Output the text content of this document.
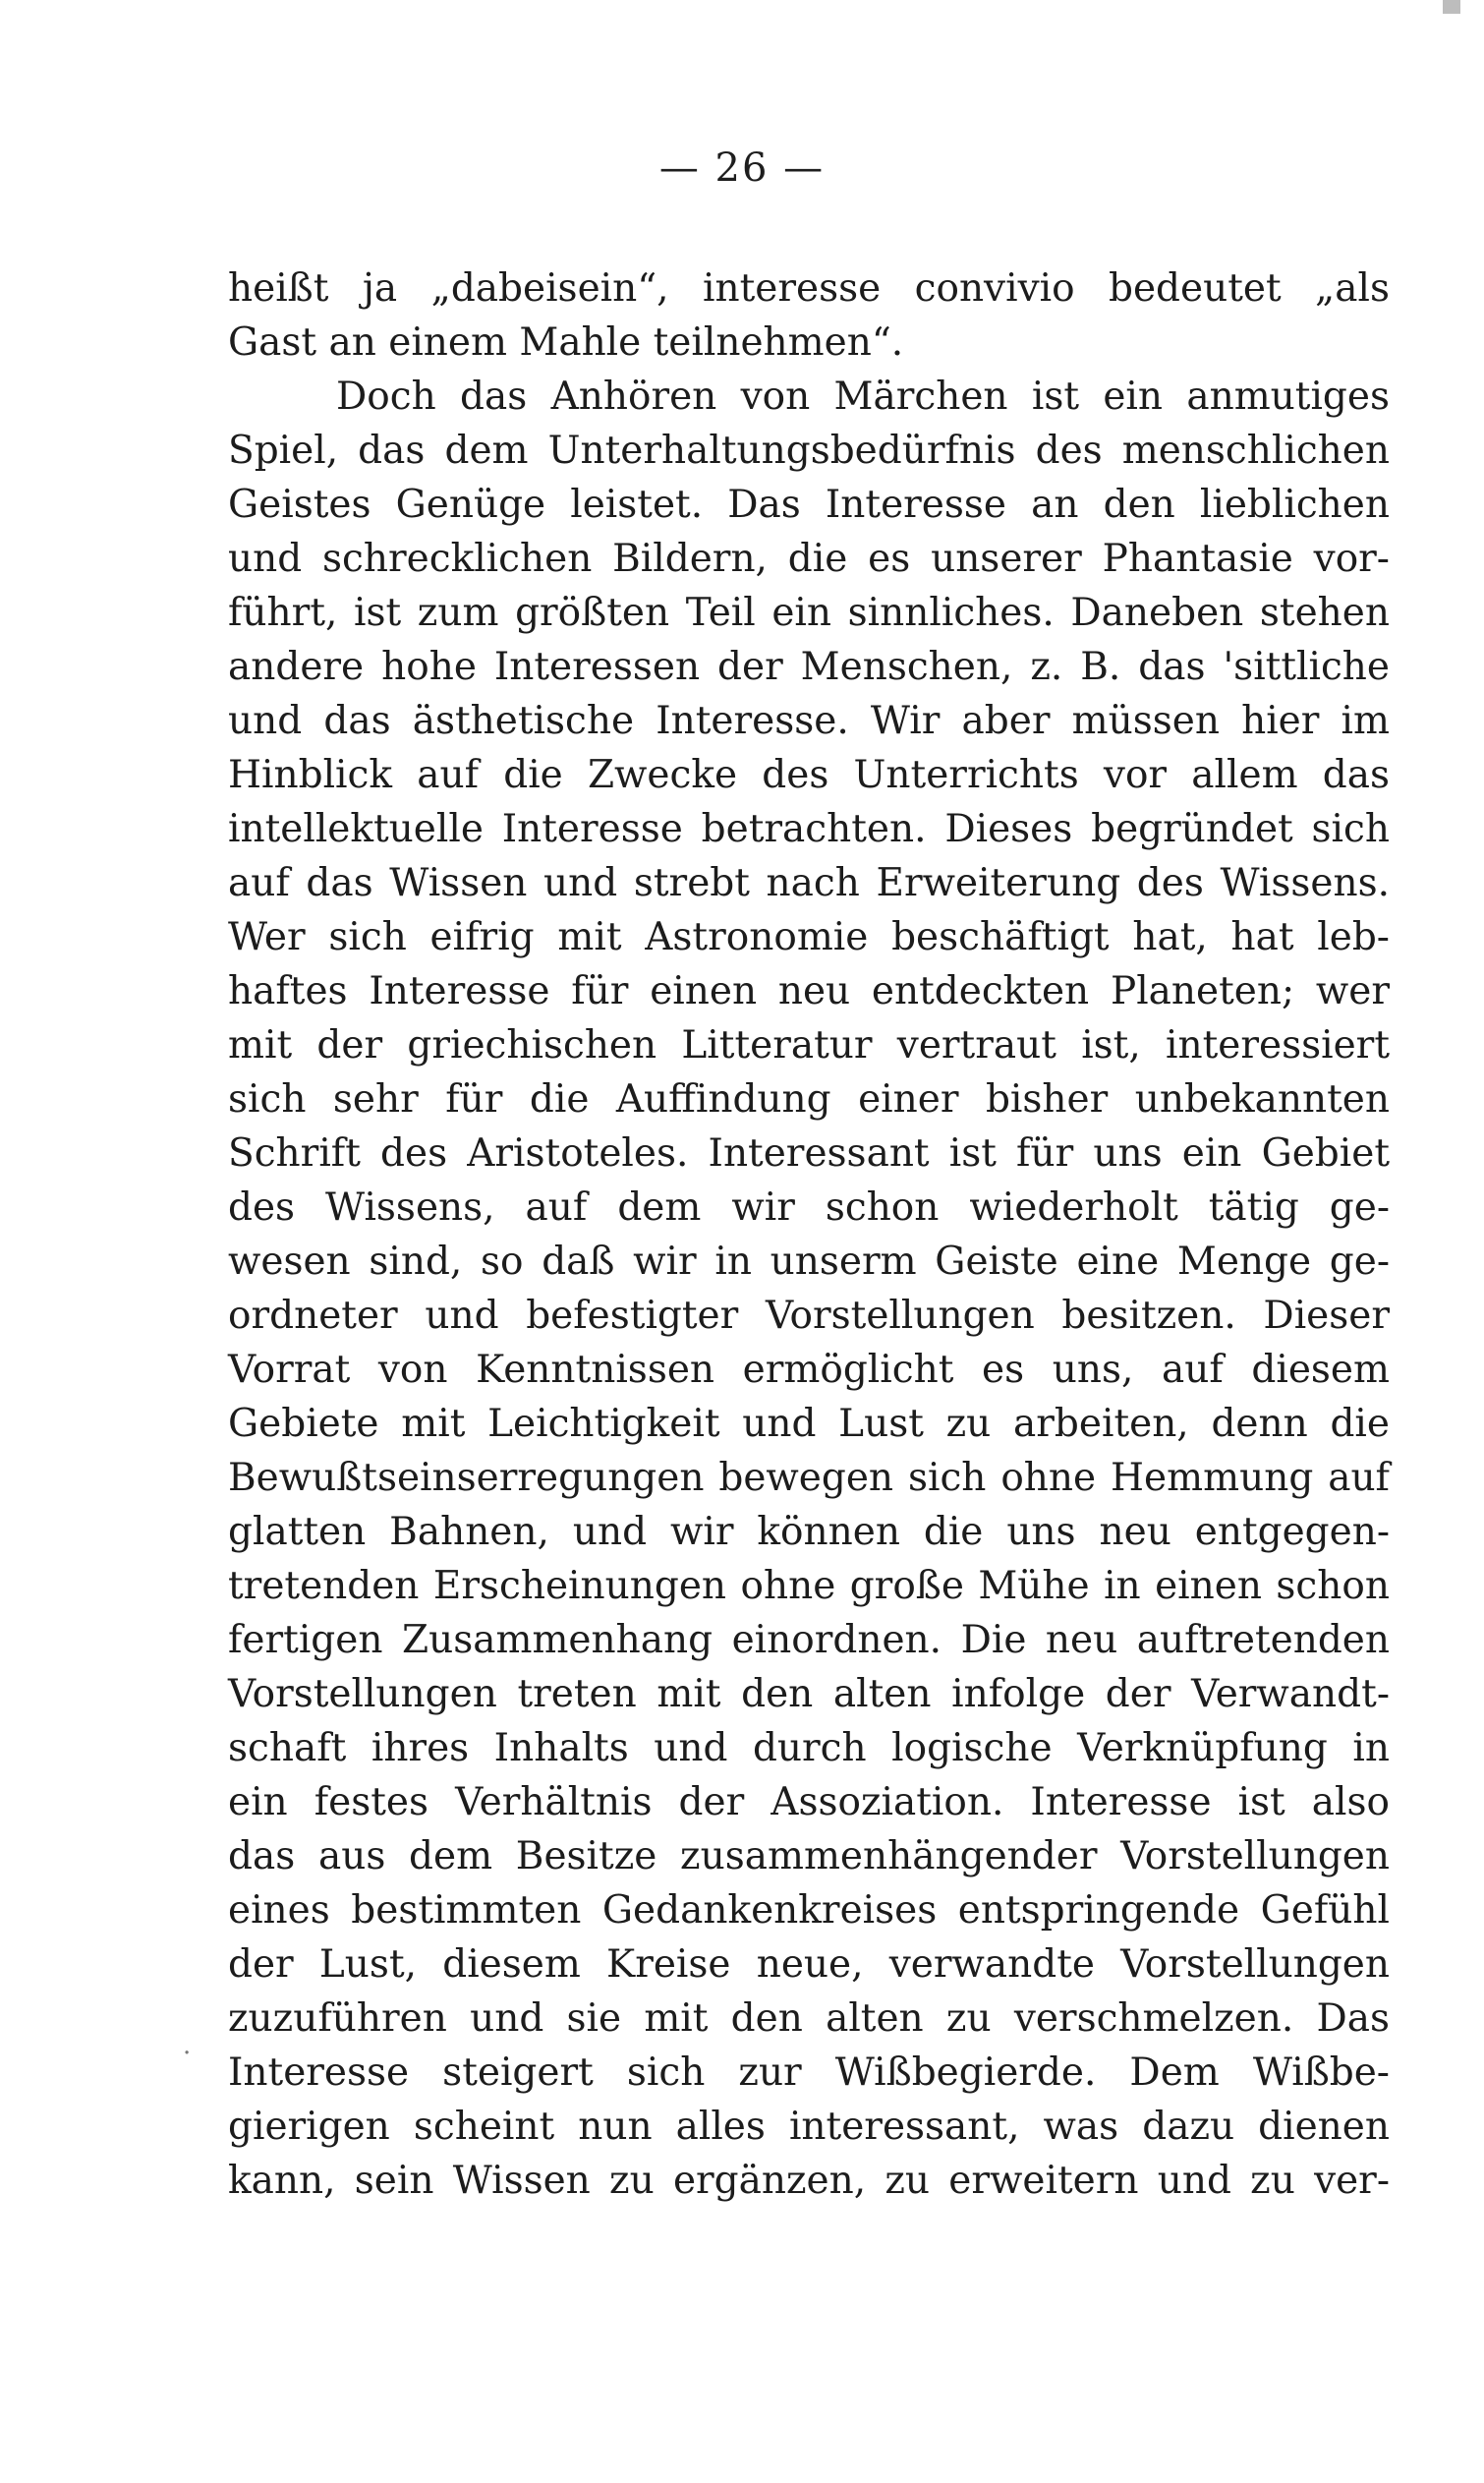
— 26 —
heißt ja „dabeisein“, interesse convivio bedeutet „als
Gast an einem Mahle teilnehmen“.
Doch das Anhören von Märchen ist ein anmutiges
Spiel, das dem Unterhaltungsbedürfnis des menschlichen
Geistes Genüge leistet. Das Interesse an den lieblichen
und schrecklichen Bildern, die es unserer Phantasie vor-
führt, ist zum größten Teil ein sinnliches. Daneben stehen
andere hohe Interessen der Menschen, z. B. das 'sittliche
und das ästhetische Interesse. Wir aber müssen hier im
Hinblick auf die Zwecke des Unterrichts vor allem das
intellektuelle Interesse betrachten. Dieses begründet sich
auf das Wissen und strebt nach Erweiterung des Wissens.
Wer sich eifrig mit Astronomie beschäftigt hat, hat leb-
haftes Interesse für einen neu entdeckten Planeten; wer
mit der griechischen Litteratur vertraut ist, interessiert
sich sehr für die Auffindung einer bisher unbekannten
Schrift des Aristoteles. Interessant ist für uns ein Gebiet
des Wissens, auf dem wir schon wiederholt tätig ge-
wesen sind, so daß wir in unserm Geiste eine Menge ge-
ordneter und befestigter Vorstellungen besitzen. Dieser
Vorrat von Kenntnissen ermöglicht es uns, auf diesem
Gebiete mit Leichtigkeit und Lust zu arbeiten, denn die
Bewußtseinserregungen bewegen sich ohne Hemmung auf
glatten Bahnen, und wir können die uns neu entgegen-
tretenden Erscheinungen ohne große Mühe in einen schon
fertigen Zusammenhang einordnen. Die neu auftretenden
Vorstellungen treten mit den alten infolge der Verwandt-
schaft ihres Inhalts und durch logische Verknüpfung in
ein festes Verhältnis der Assoziation. Interesse ist also
das aus dem Besitze zusammenhängender Vorstellungen
eines bestimmten Gedankenkreises entspringende Gefühl
der Lust, diesem Kreise neue, verwandte Vorstellungen
zuzuführen und sie mit den alten zu verschmelzen. Das
Interesse steigert sich zur Wißbegierde. Dem Wißbe-
gierigen scheint nun alles interessant, was dazu dienen
kann, sein Wissen zu ergänzen, zu erweitern und zu ver-
·
